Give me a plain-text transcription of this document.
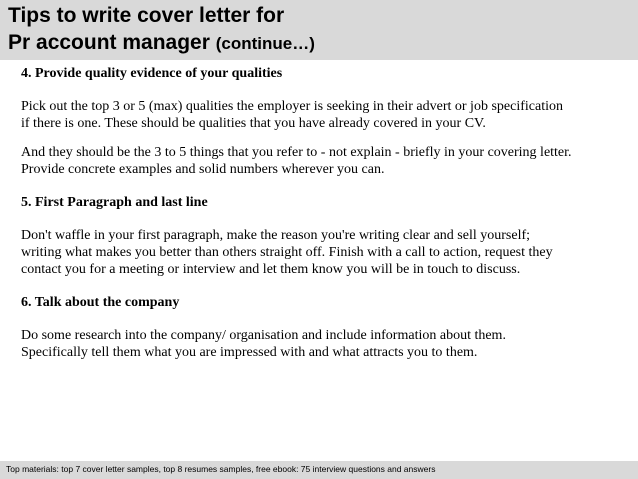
Tips to write cover letter for
Pr account manager (continue…)

4. Provide quality evidence of your qualities

Pick out the top 3 or 5 (max) qualities the employer is seeking in their advert or job specification

if there is one. These should be qualities that you have already covered in your CV.

And they should be the 3 to 5 things that you refer to - not explain - briefly in your covering letter.

Provide concrete examples and solid numbers wherever you can.

5. First Paragraph and last line

Don't waffle in your first paragraph, make the reason you're writing clear and sell yourself;

writing what makes you better than others straight off. Finish with a call to action, request they

contact you for a meeting or interview and let them know you will be in touch to discuss.

6. Talk about the company

Do some research into the company/ organisation and include information about them.

Specifically tell them what you are impressed with and what attracts you to them.

Top materials: top 7 cover letter samples, top 8 resumes samples, free ebook: 75 interview questions and answers
